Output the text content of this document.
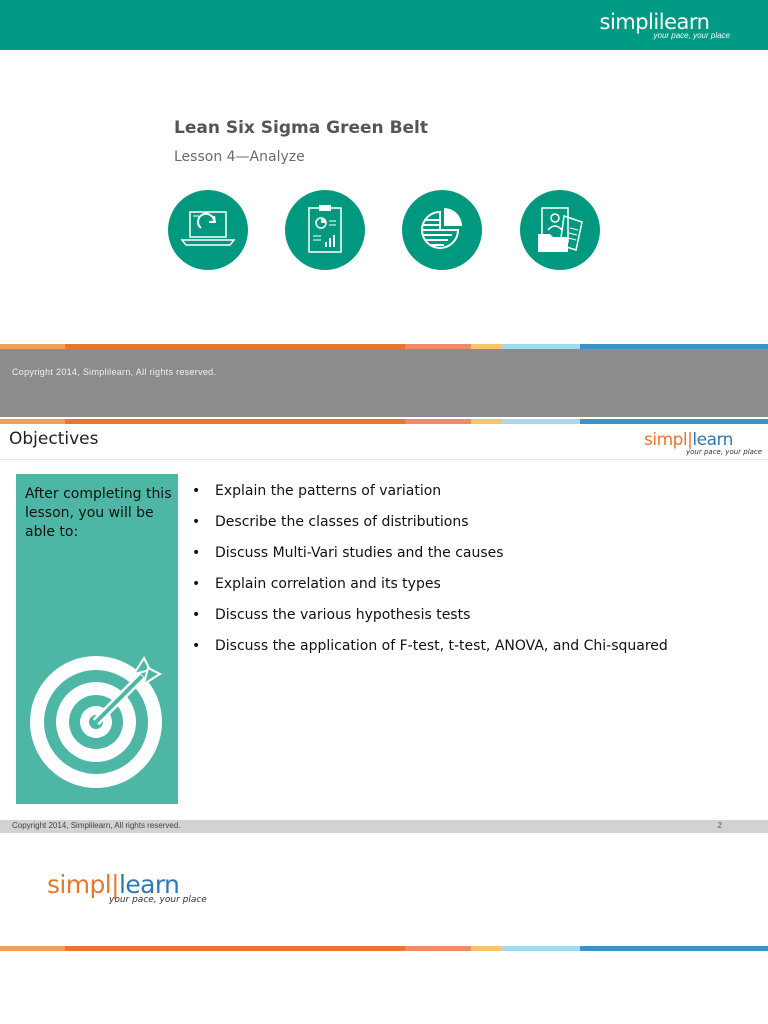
simplilearn
your pace, your place
Lean Six Sigma Green Belt
Lesson 4—Analyze
Copyright 2014, Simplilearn, All rights reserved.
Objectives	simpl|learn
your pace, your place
After completing this lesson, you will be able to:
• Explain the patterns of variation
• Describe the classes of distributions
• Discuss Multi-Vari studies and the causes
• Explain correlation and its types
• Discuss the various hypothesis tests
• Discuss the application of F-test, t-test, ANOVA, and Chi-squared
Copyright 2014, Simplilearn, All rights reserved.	2
simpl|learn
your pace, your place
